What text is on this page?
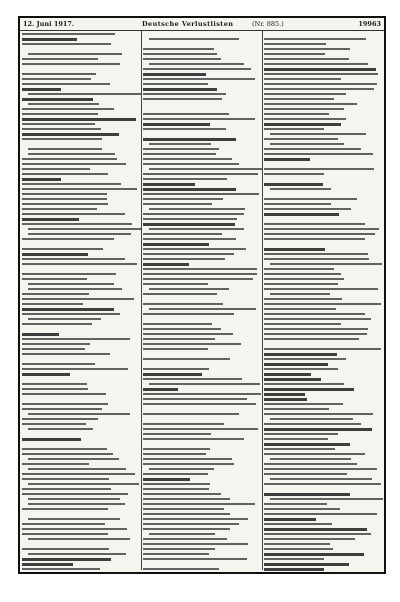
12. Juni 1917.	Deutsche Verlustlisten	(Nr. 885.)	19963
